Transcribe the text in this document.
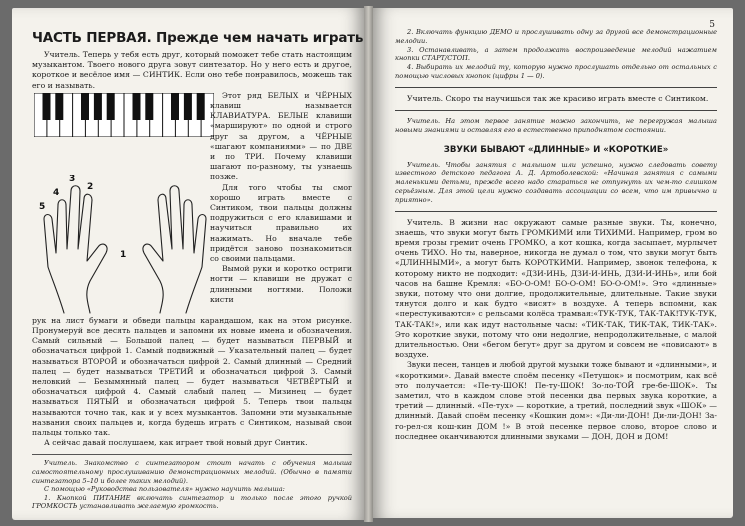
ЧАСТЬ ПЕРВАЯ. Прежде чем начать играть

Учитель. Теперь у тебя есть друг, который поможет тебе стать настоящим музыкантом. Твоего нового друга зовут синтезатор. Но у него есть и другое, короткое и весёлое имя — СИНТИК. Если оно тебе понравилось, можешь так его и называть.

5
4
3
2
1

Этот ряд БЕЛЫХ и ЧЁРНЫХ клавиш называется КЛАВИАТУРА. БЕЛЫЕ клавиши «маршируют» по одной и строго друг за другом, а ЧЁРНЫЕ «шагают компаниями» — по ДВЕ и по ТРИ. Почему клавиши шагают по-разному, ты узнаешь позже.

Для того чтобы ты смог хорошо играть вместе с Синтиком, твои пальцы должны подружиться с его клавишами и научиться правильно их нажимать. Но вначале тебе придётся заново познакомиться со своими пальцами.

Вымой руки и коротко остриги ногти — клавиши не дружат с длинными ногтями. Положи кисти

рук на лист бумаги и обведи пальцы карандашом, как на этом рисунке. Пронумеруй все десять пальцев и запомни их новые имена и обозначения. Самый сильный — Большой палец — будет называться ПЕРВЫЙ и обозначаться цифрой 1. Самый подвижный — Указательный палец — будет называться ВТОРОЙ и обозначаться цифрой 2. Самый длинный — Средний палец — будет называться ТРЕТИЙ и обозначаться цифрой 3. Самый неловкий — Безымянный палец — будет называться ЧЕТВЁРТЫЙ и обозначаться цифрой 4. Самый слабый палец — Мизинец — будет называться ПЯТЫЙ и обозначаться цифрой 5. Теперь твои пальцы называются точно так, как и у всех музыкантов. Запомни эти музыкальные названия своих пальцев и, когда будешь играть с Синтиком, называй свои пальцы только так.

А сейчас давай послушаем, как играет твой новый друг Синтик.

Учитель. Знакомство с синтезатором стоит начать с обучения малыша самостоятельному прослушиванию демонстрационных мелодий. (Обычно в памяти синтезатора 5–10 и более таких мелодий).

С помощью «Руководства пользователя» нужно научить малыша:

1. Кнопкой ПИТАНИЕ включать синтезатор и только после этого ручкой ГРОМКОСТЬ устанавливать желаемую громкость.

5

2. Включать функцию ДЕМО и прослушивать одну за другой все демонстрационные мелодии.

3. Останавливать, а затем продолжать воспроизведение мелодий нажатием кнопки СТАРТ/СТОП.

4. Выбирать их мелодий ту, которую нужно прослушать отдельно от остальных с помощью числовых кнопок (цифры 1 — 0).

Учитель. Скоро ты научишься так же красиво играть вместе с Синтиком.

Учитель. На этом первое занятие можно закончить, не перегружая малыша новыми знаниями и оставляя его в естественно приподнятом состоянии.

ЗВУКИ БЫВАЮТ «ДЛИННЫЕ» И «КОРОТКИЕ»

Учитель. Чтобы занятия с малышом шли успешно, нужно следовать совету известного детского педагога А. Д. Артоболевской: «Начиная занятия с самыми маленькими детьми, прежде всего надо стараться не отпугнуть их чем-то слишком серьёзным. Для этой цели нужно создавать ассоциации со всем, что им привычно и приятно».

Учитель. В жизни нас окружают самые разные звуки. Ты, конечно, знаешь, что звуки могут быть ГРОМКИМИ или ТИХИМИ. Например, гром во время грозы гремит очень ГРОМКО, а кот кошка, когда засыпает, мурлычет очень ТИХО. Но ты, наверное, никогда не думал о том, что звуки могут быть «ДЛИННЫМИ», а могут быть КОРОТКИМИ. Например, звонок телефона, к которому никто не подходит: «ДЗИ-ИНЬ, ДЗИ-И-ИНЬ, ДЗИ-И-ИНЬ», или бой часов на башне Кремля: «БО-О-ОМ! БО-О-ОМ! БО-О-ОМ!». Это «длинные» звуки, потому что они долгие, продолжительные, длительные. Такие звуки тянутся долго и как будто «висят» в воздухе. А теперь вспомни, как «перестукиваются» с рельсами колёса трамвая:«ТУК-ТУК, ТАК-ТАК!ТУК-ТУК, ТАК-ТАК!», или как идут настольные часы: «ТИК-ТАК, ТИК-ТАК, ТИК-ТАК». Это короткие звуки, потому что они недолгие, непродолжительные, с малой длительностью. Они «бегом бегут» друг за другом и совсем не «повисают» в воздухе.

Звуки песен, танцев и любой другой музыки тоже бывают и «длинными», и «короткими». Давай вместе споём песенку «Петушок» и посмотрим, как всё это получается: «Пе-ту-ШОК! Пе-ту-ШОК! Зо-ло-ТОЙ гре-бе-ШОК». Ты заметил, что в каждом слове этой песенки два первых звука короткие, а третий — длинный. «Пе-тух» — короткие, а третий, последний звук «ШОК» — длинный. Давай споём песенку «Кошкин дом»: «Ди-ли-ДОН! Ди-ли-ДОН! За-го-рел-ся кош-кин ДОМ !» В этой песенке первое слово, второе слово и последнее оканчиваются длинными звуками — ДОН, ДОН и ДОМ!
